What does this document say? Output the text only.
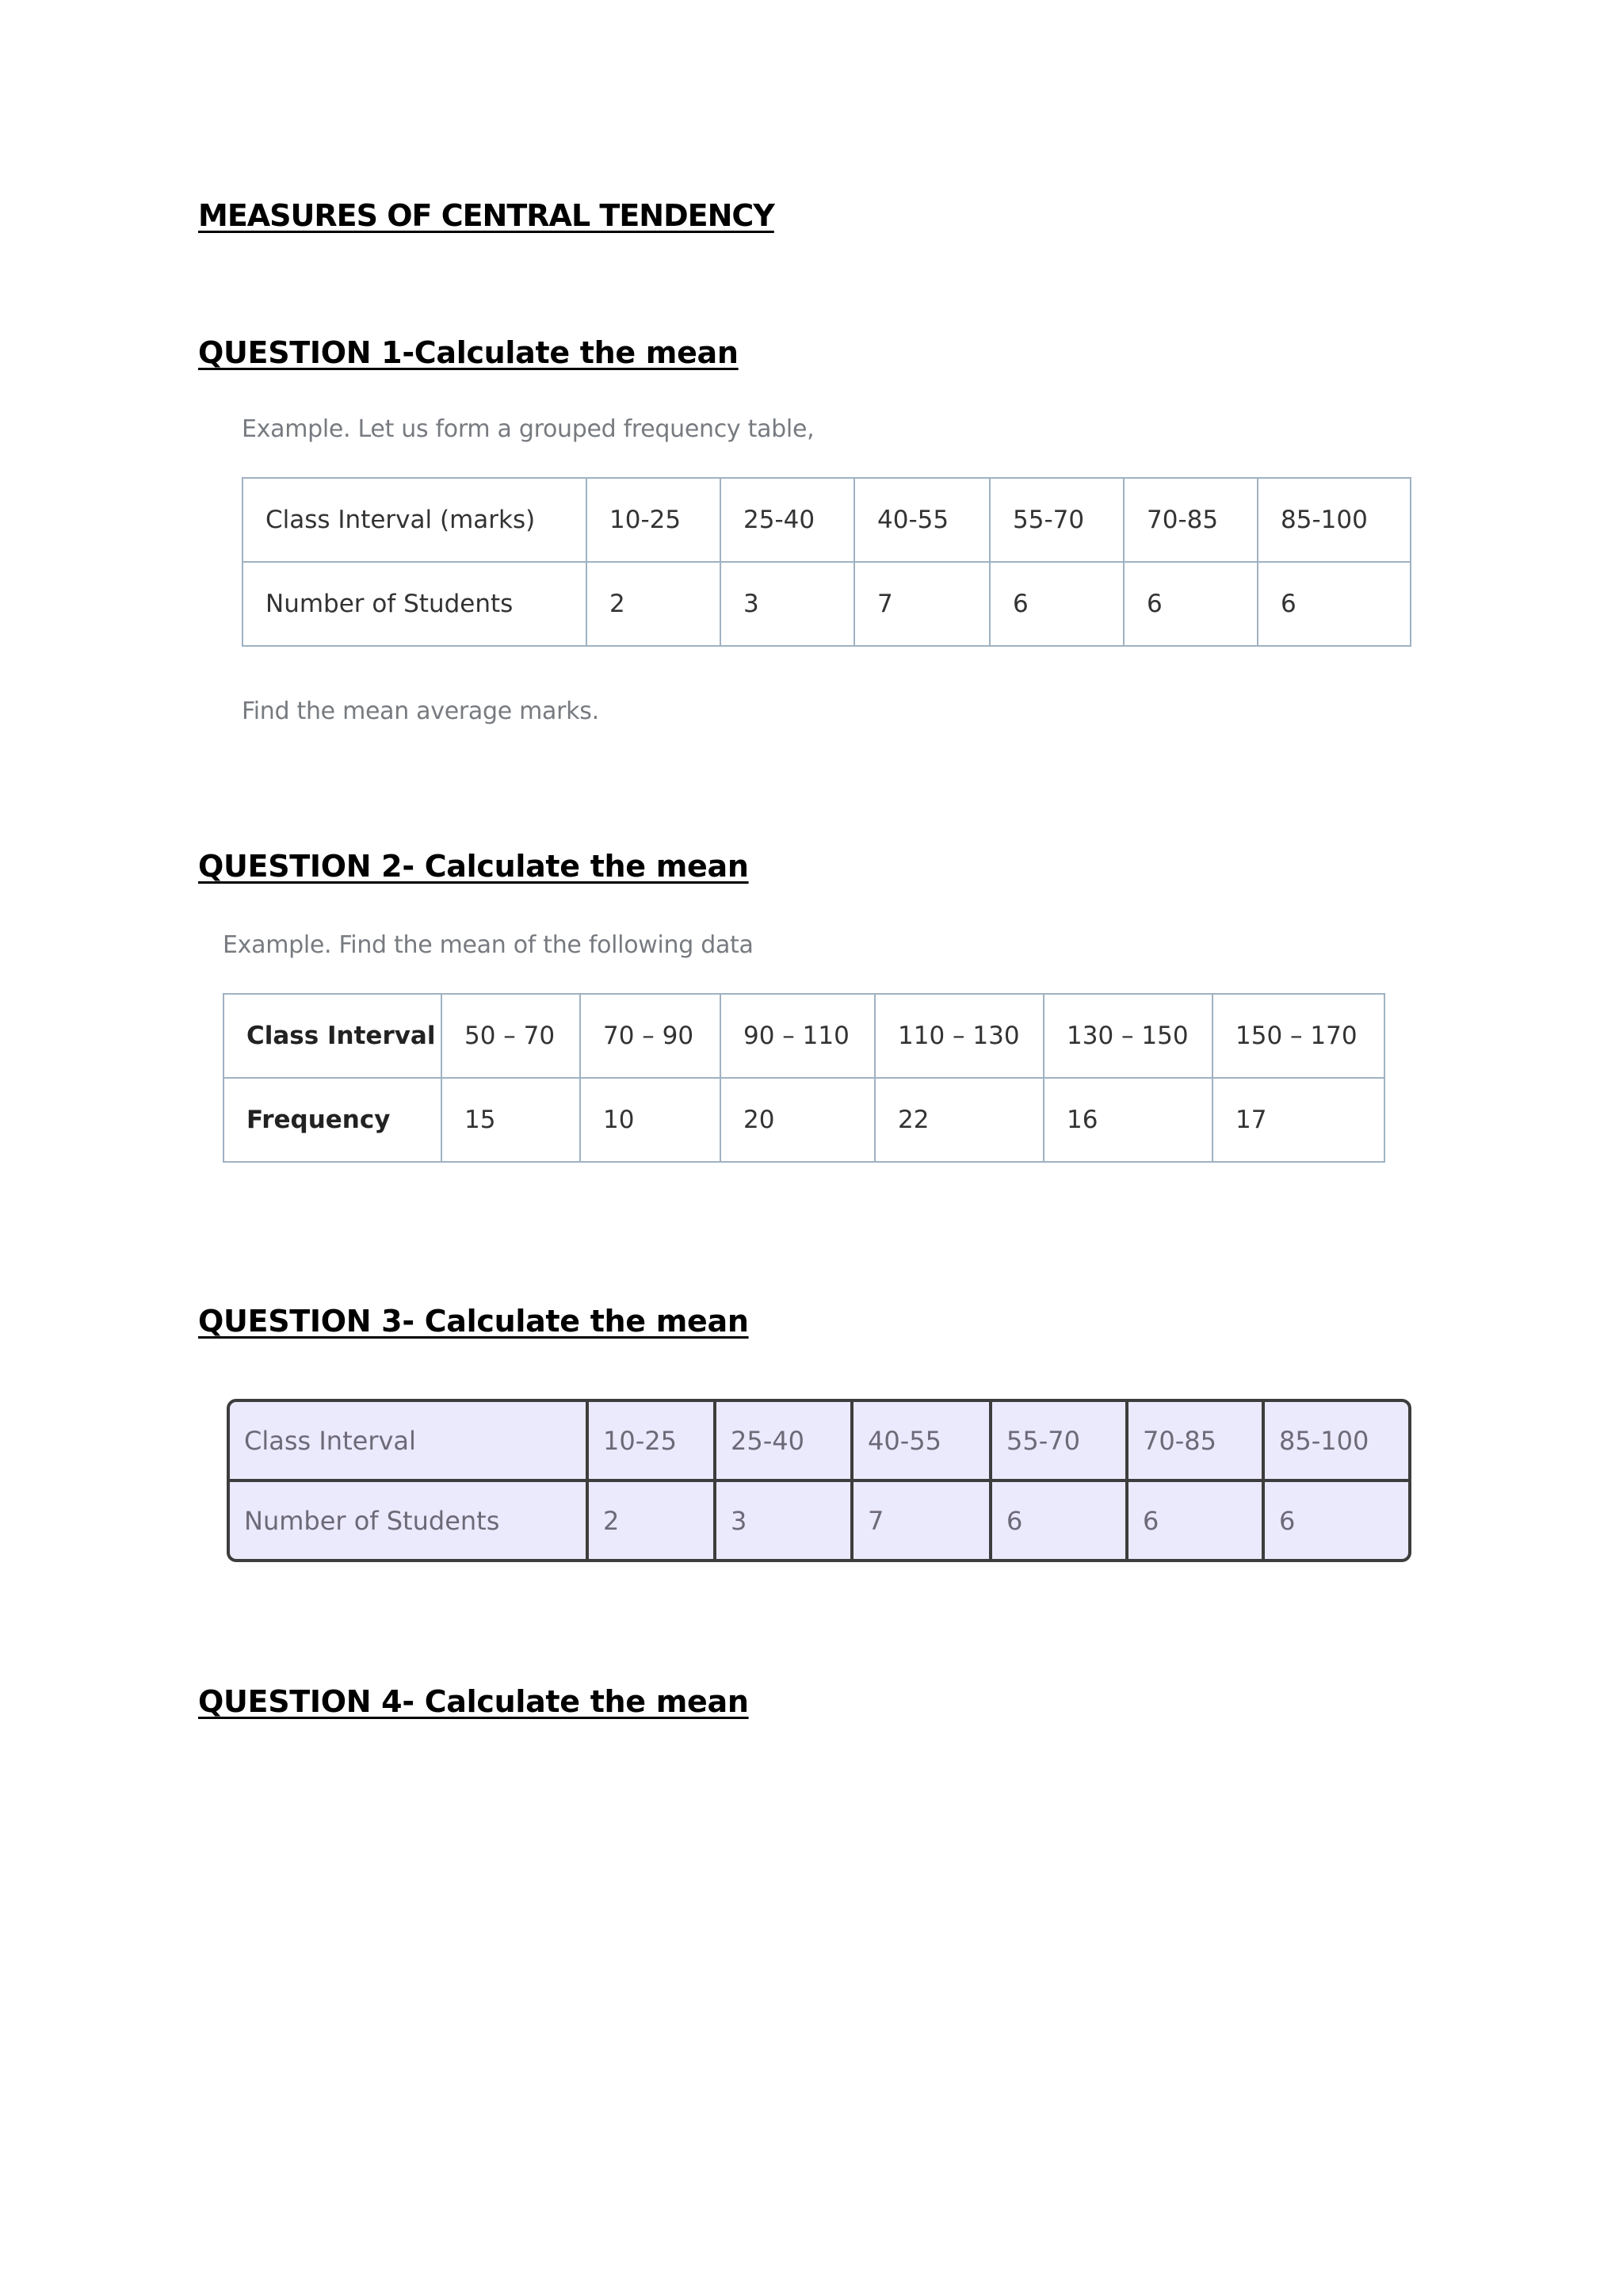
MEASURES OF CENTRAL TENDENCY
QUESTION 1-Calculate the mean

Example. Let us form a grouped frequency table,

Class Interval (marks)	10-25	25-40	40-55	55-70	70-85	85-100
Number of Students	2	3	7	6	6	6

Find the mean average marks.

QUESTION 2- Calculate the mean

Example. Find the mean of the following data

Class Interval	50 – 70	70 – 90	90 – 110	110 – 130	130 – 150	150 – 170
Frequency	15	10	20	22	16	17
QUESTION 3- Calculate the mean
Class Interval	10-25	25-40	40-55	55-70	70-85	85-100
Number of Students	2	3	7	6	6	6
QUESTION 4- Calculate the mean
